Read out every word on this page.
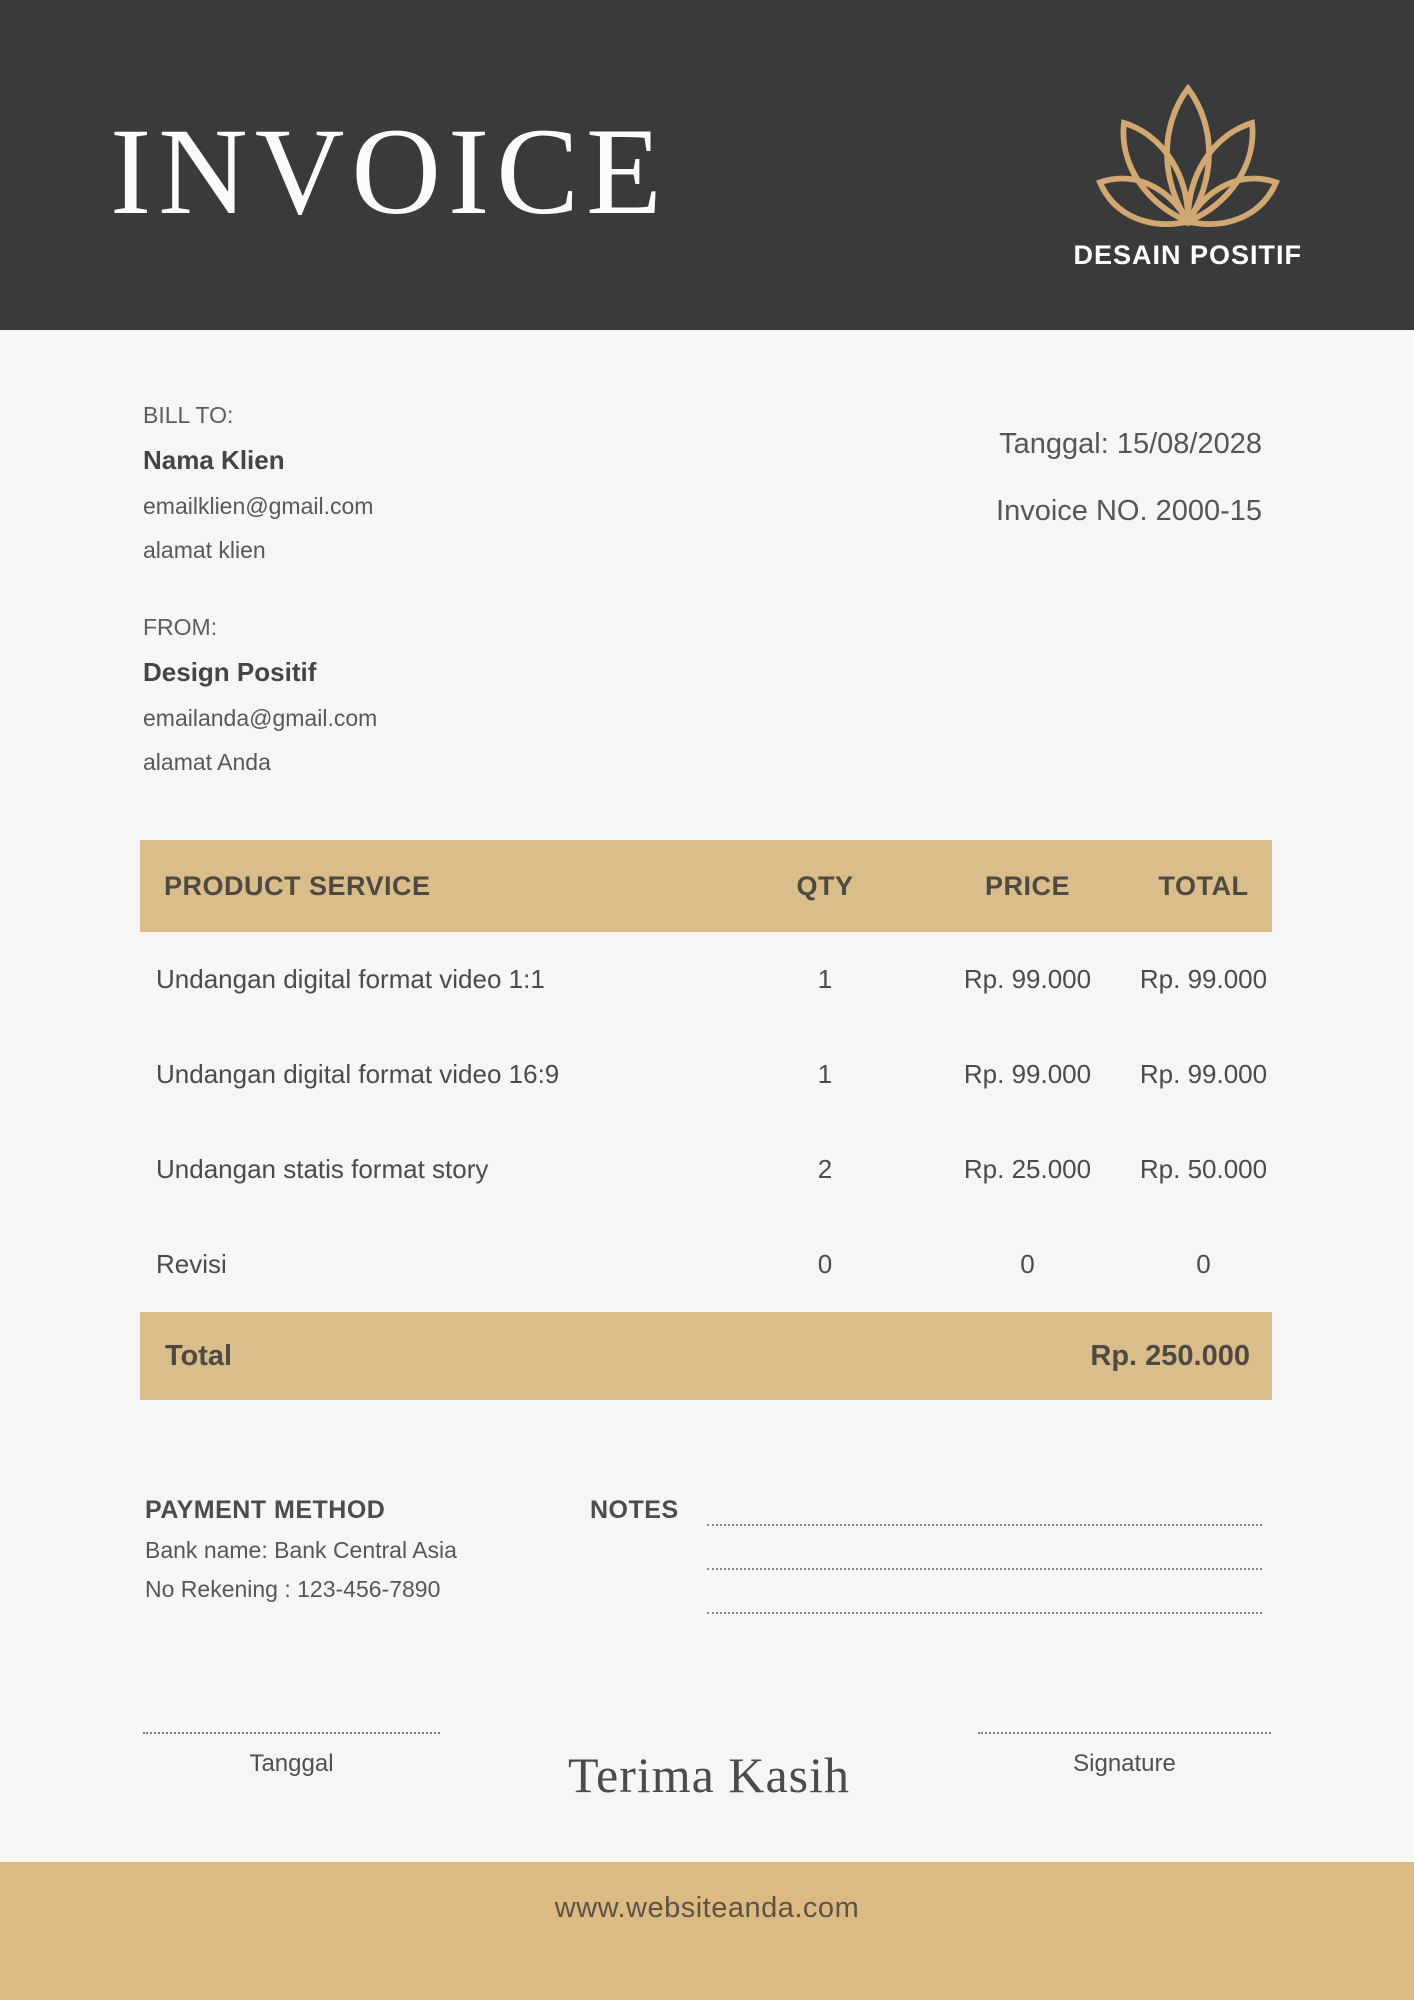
INVOICE
DESAIN POSITIF
BILL TO:
Nama Klien
emailklien@gmail.com
alamat klien
Tanggal: 15/08/2028
Invoice NO. 2000-15
FROM:
Design Positif
emailanda@gmail.com
alamat Anda
PRODUCT SERVICE	QTY	PRICE	TOTAL
Undangan digital format video 1:1	1	Rp. 99.000	Rp. 99.000
Undangan digital format video 16:9	1	Rp. 99.000	Rp. 99.000
Undangan statis format story	2	Rp. 25.000	Rp. 50.000
Revisi	0	0	0
Total	Rp. 250.000
PAYMENT METHOD
Bank name: Bank Central Asia
No Rekening : 123-456-7890
NOTES
Tanggal	Terima Kasih	Signature
www.websiteanda.com
